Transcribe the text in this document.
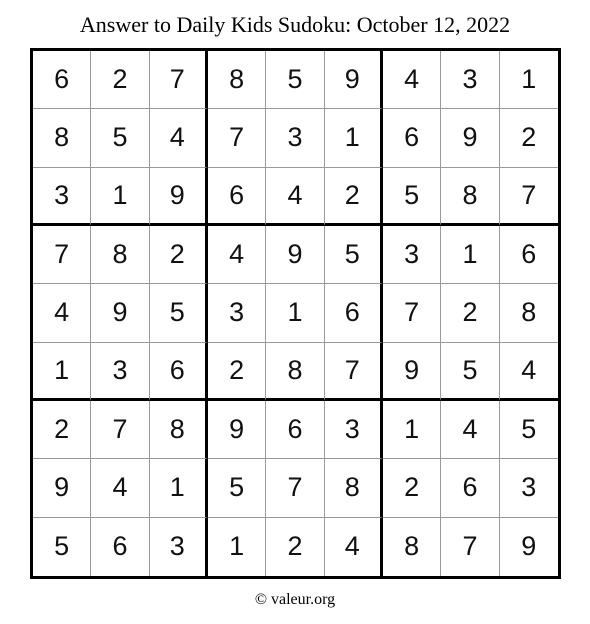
Answer to Daily Kids Sudoku: October 12, 2022
6	2	7	8	5	9	4	3	1
8	5	4	7	3	1	6	9	2
3	1	9	6	4	2	5	8	7
7	8	2	4	9	5	3	1	6
4	9	5	3	1	6	7	2	8
1	3	6	2	8	7	9	5	4
2	7	8	9	6	3	1	4	5
9	4	1	5	7	8	2	6	3
5	6	3	1	2	4	8	7	9
© valeur.org
